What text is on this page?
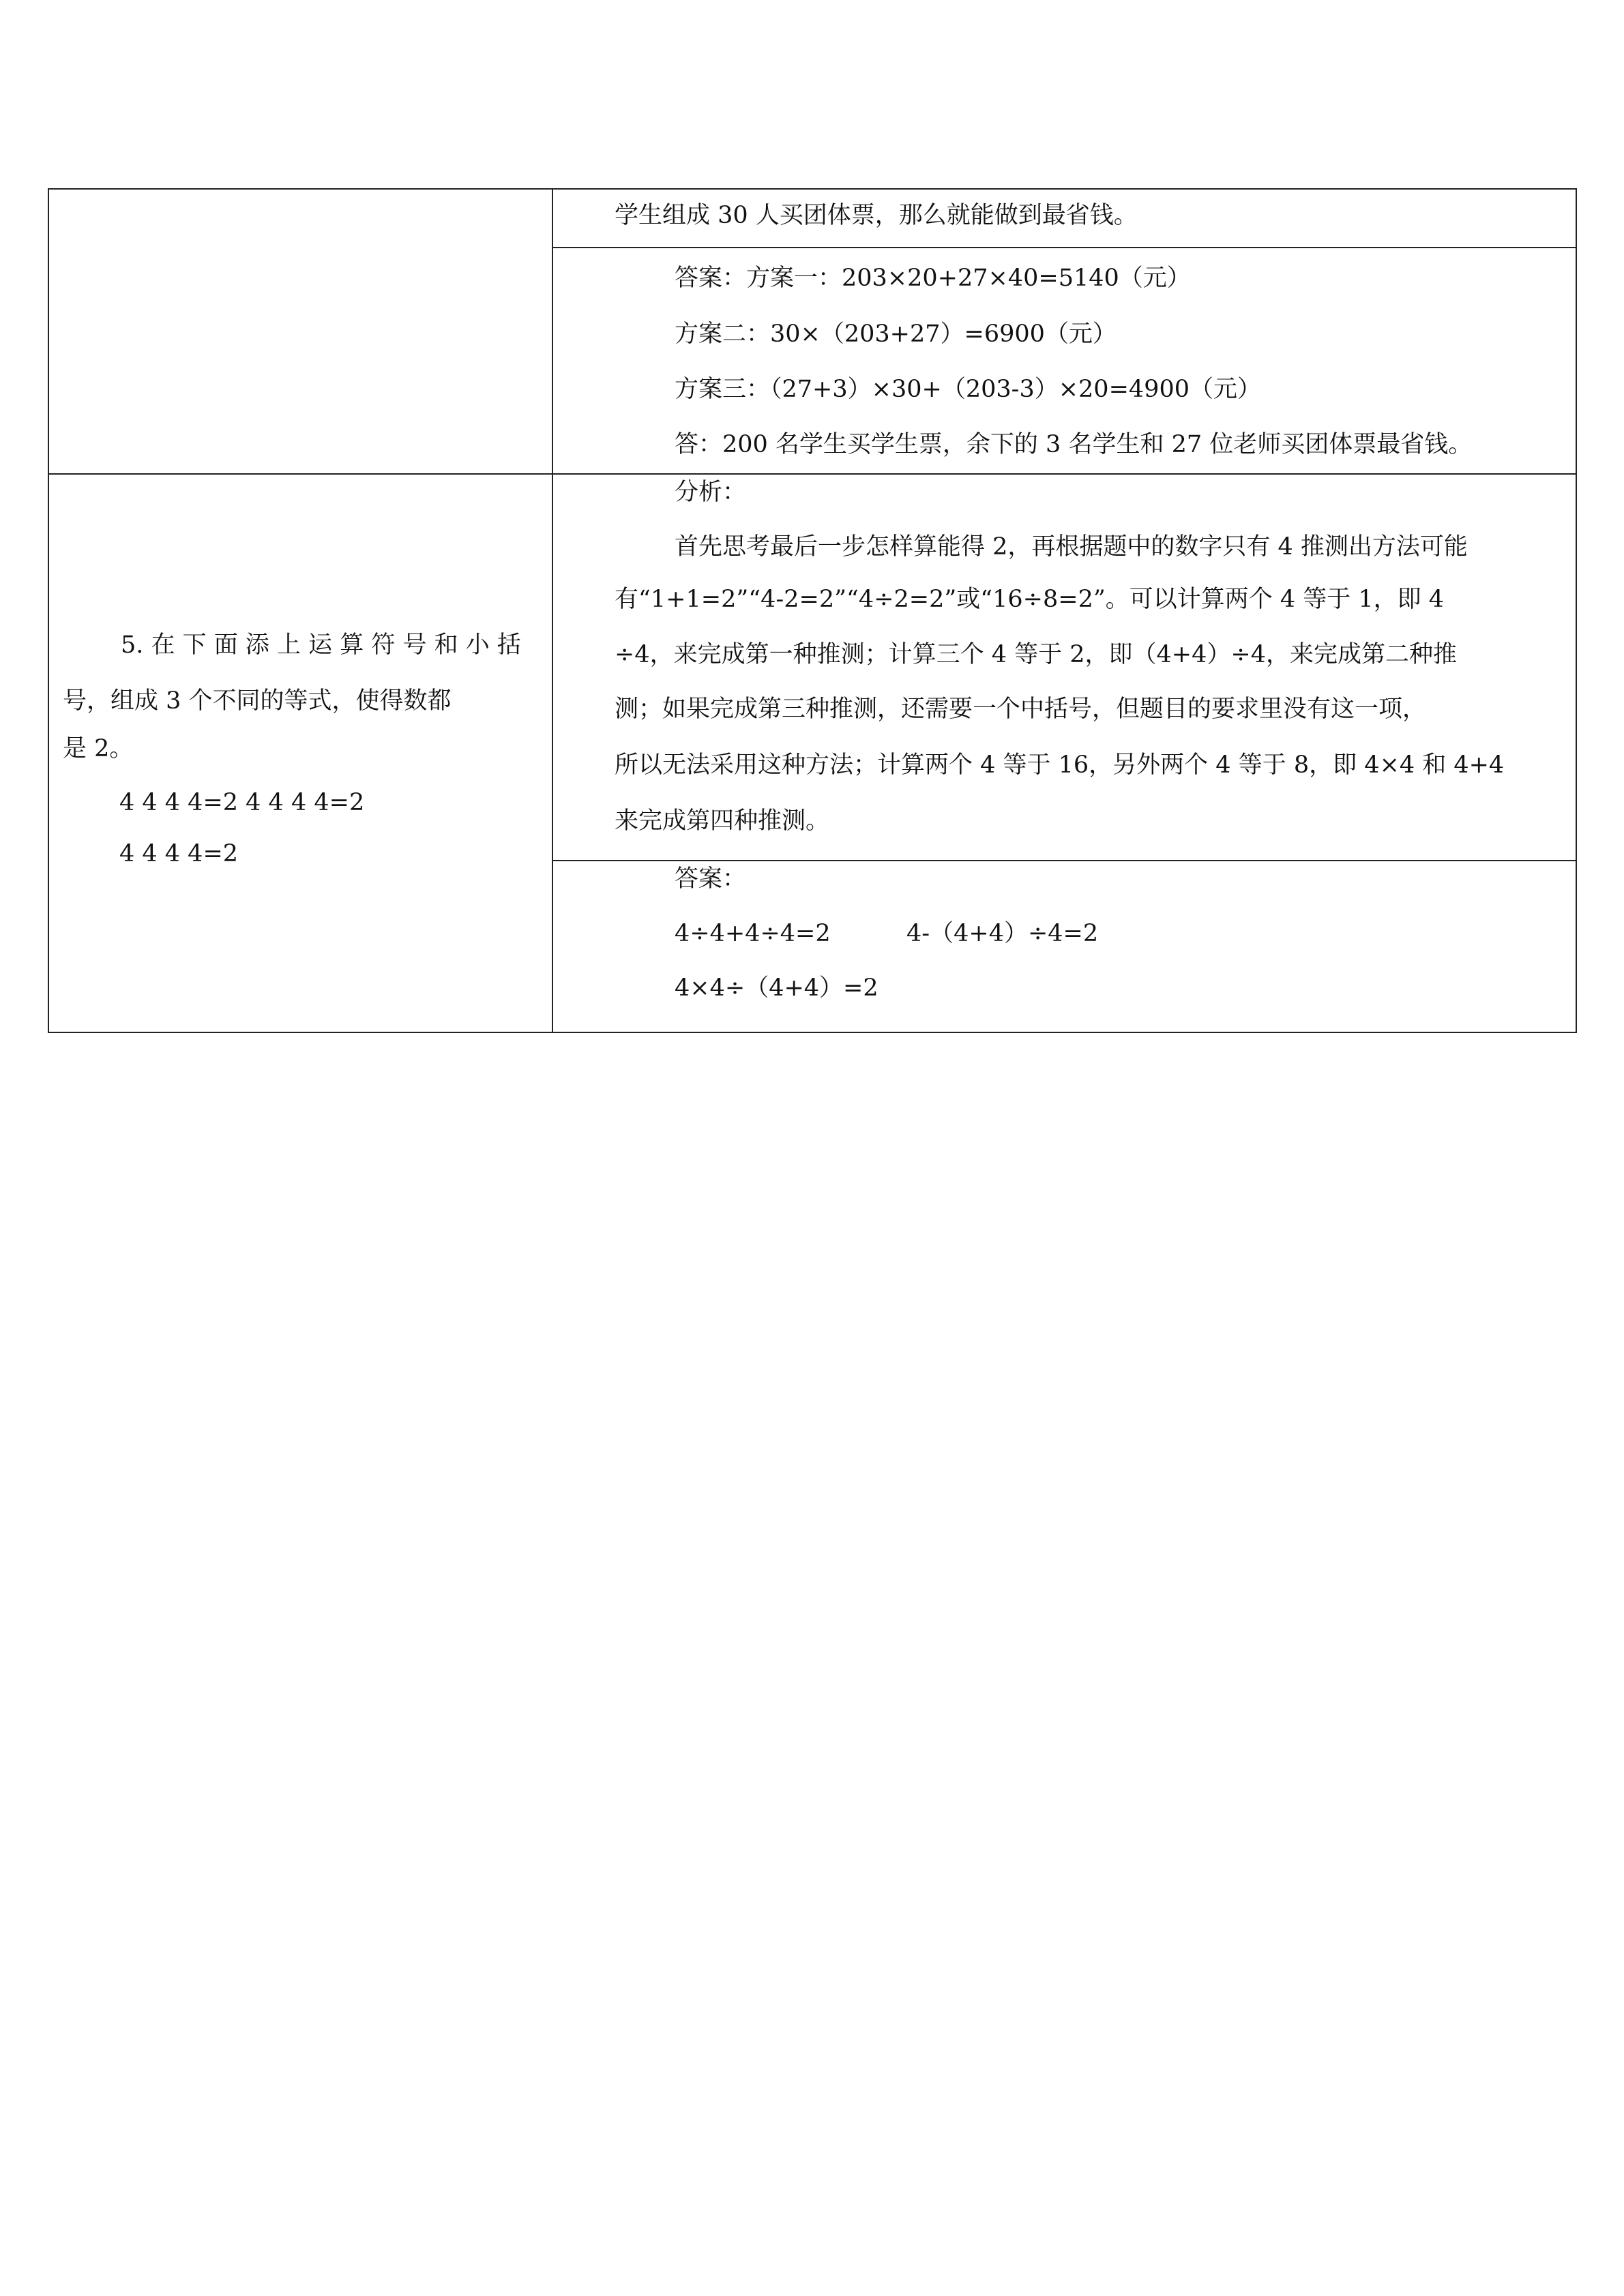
学生组成 30 人买团体票，那么就能做到最省钱。
答案：方案一：203×20+27×40=5140（元）
方案二：30×（203+27）=6900（元）
方案三：（27+3）×30+（203-3）×20=4900（元）
答：200 名学生买学生票，余下的 3 名学生和 27 位老师买团体票最省钱。
5. 在 下 面 添 上 运 算 符 号 和 小 括
号，组成 3 个不同的等式，使得数都
是 2。
4 4 4 4=2 4 4 4 4=2
4 4 4 4=2
分析：
首先思考最后一步怎样算能得 2，再根据题中的数字只有 4 推测出方法可能
有“1+1=2”“4-2=2”“4÷2=2”或“16÷8=2”。可以计算两个 4 等于 1，即 4
÷4，来完成第一种推测；计算三个 4 等于 2，即（4+4）÷4，来完成第二种推
测；如果完成第三种推测，还需要一个中括号，但题目的要求里没有这一项，
所以无法采用这种方法；计算两个 4 等于 16，另外两个 4 等于 8，即 4×4 和 4+4
来完成第四种推测。
答案：
4÷4+4÷4=2	4-（4+4）÷4=2
4×4÷（4+4）=2
